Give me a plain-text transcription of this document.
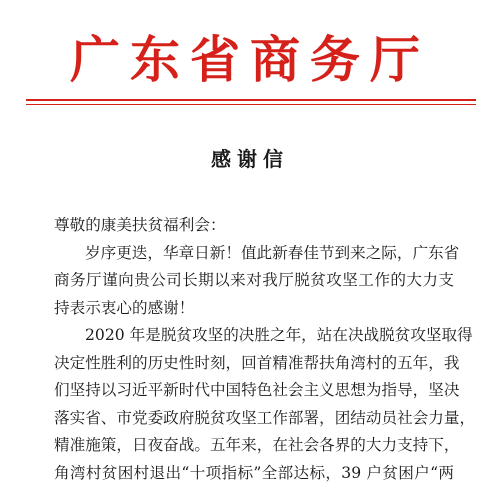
广东省商务厅
感谢信
尊敬的康美扶贫福利会：
岁序更迭，华章日新！值此新春佳节到来之际，广东省
商务厅谨向贵公司长期以来对我厅脱贫攻坚工作的大力支
持表示衷心的感谢！
2020 年是脱贫攻坚的决胜之年，站在决战脱贫攻坚取得
决定性胜利的历史性时刻，回首精准帮扶角湾村的五年，我
们坚持以习近平新时代中国特色社会主义思想为指导，坚决
落实省、市党委政府脱贫攻坚工作部署，团结动员社会力量，
精准施策，日夜奋战。五年来，在社会各界的大力支持下，
角湾村贫困村退出“十项指标”全部达标，39 户贫困户“两
